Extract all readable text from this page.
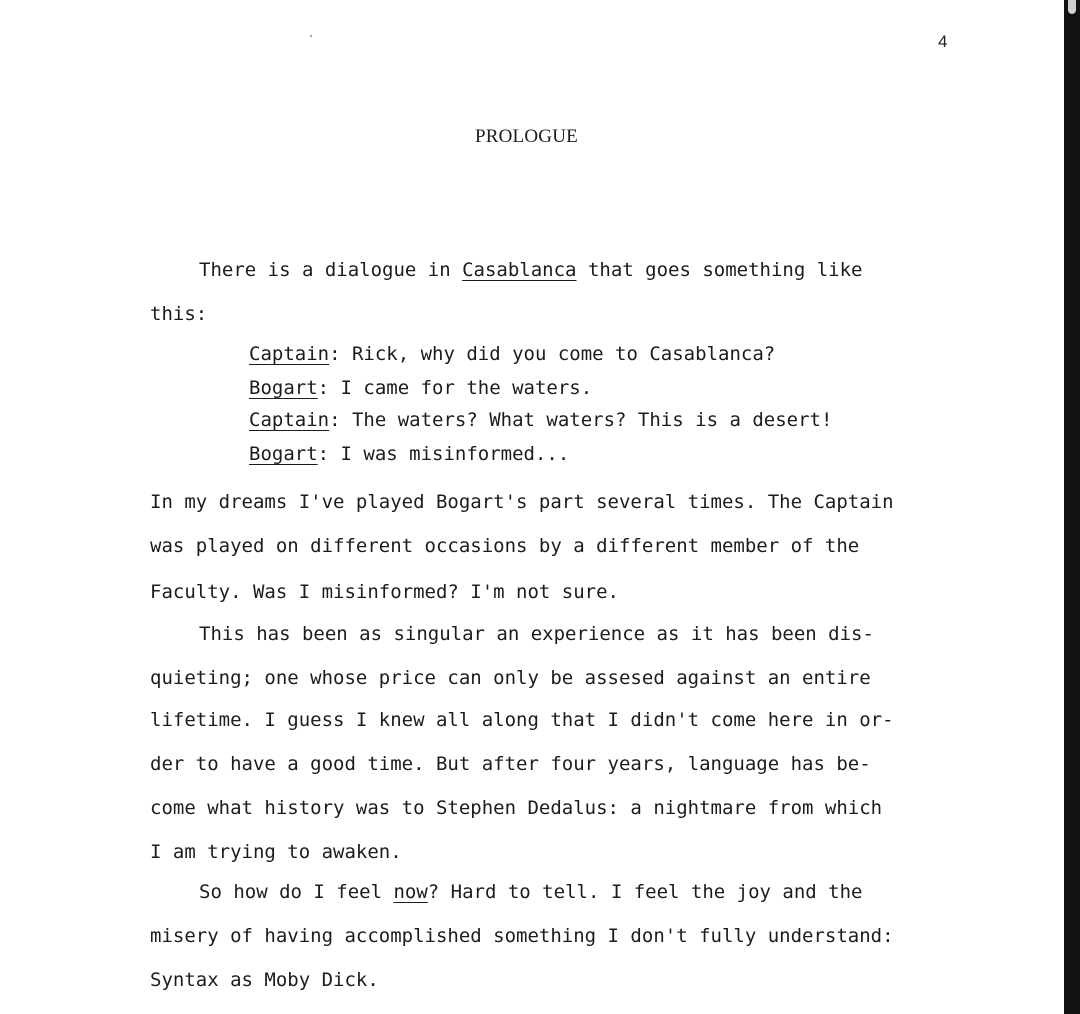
4
PROLOGUE
There is a dialogue in Casablanca that goes something like
this:
Captain: Rick, why did you come to Casablanca?
Bogart: I came for the waters.
Captain: The waters? What waters? This is a desert!
Bogart: I was misinformed...
In my dreams I've played Bogart's part several times. The Captain
was played on different occasions by a different member of the
Faculty. Was I misinformed? I'm not sure.
This has been as singular an experience as it has been dis-
quieting; one whose price can only be assesed against an entire
lifetime. I guess I knew all along that I didn't come here in or-
der to have a good time. But after four years, language has be-
come what history was to Stephen Dedalus: a nightmare from which
I am trying to awaken.
So how do I feel now? Hard to tell. I feel the joy and the
misery of having accomplished something I don't fully understand:
Syntax as Moby Dick.
